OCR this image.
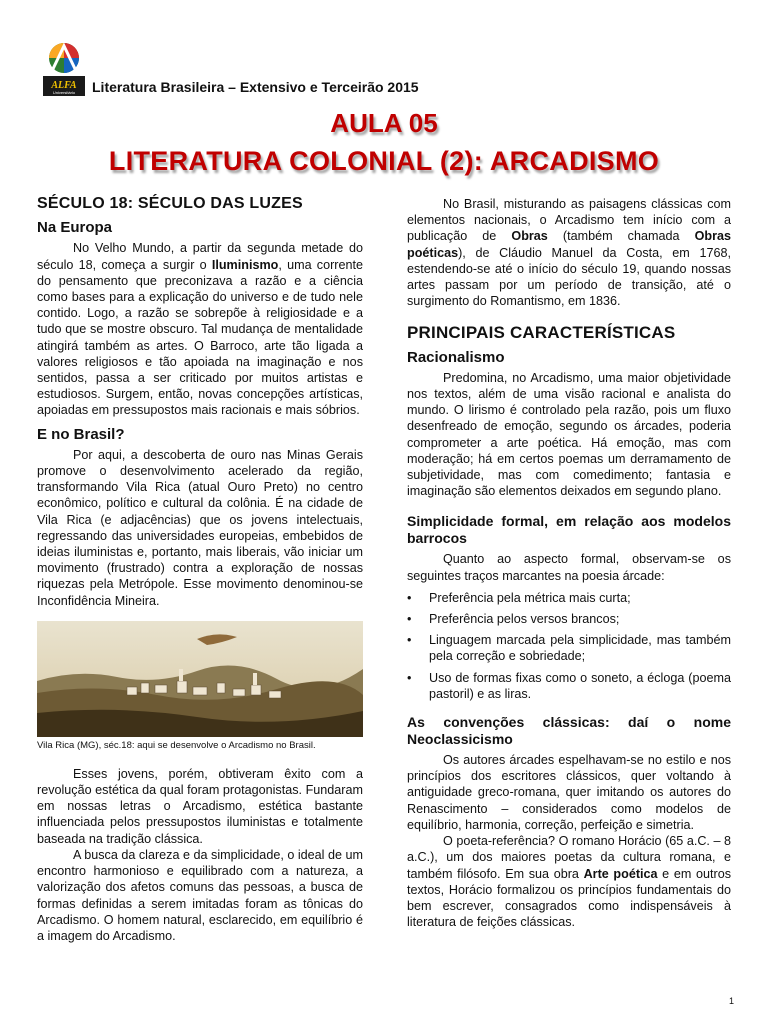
ALFA
Universitário Literatura Brasileira – Extensivo e Terceirão 2015
AULA 05
LITERATURA COLONIAL (2): ARCADISMO
SÉCULO 18: SÉCULO DAS LUZES
Na Europa

No Velho Mundo, a partir da segunda metade do século 18, começa a surgir o Iluminismo, uma corrente do pensamento que preconizava a razão e a ciência como bases para a explicação do universo e de tudo nele contido. Logo, a razão se sobrepõe à religiosidade e a tudo que se mostre obscuro. Tal mudança de mentalidade atingirá também as artes. O Barroco, arte tão ligada a valores religiosos e tão apoiada na imaginação e nos sentidos, passa a ser criticado por muitos artistas e estudiosos. Surgem, então, novas concepções artísticas, apoiadas em pressupostos mais racionais e mais sóbrios.

E no Brasil?

Por aqui, a descoberta de ouro nas Minas Gerais promove o desenvolvimento acelerado da região, transformando Vila Rica (atual Ouro Preto) no centro econômico, político e cultural da colônia. É na cidade de Vila Rica (e adjacências) que os jovens intelectuais, regressando das universidades europeias, embebidos de ideias iluministas e, portanto, mais liberais, vão iniciar um movimento (frustrado) contra a exploração de nossas riquezas pela Metrópole. Esse movimento denominou-se Inconfidência Mineira.

Vila Rica (MG), séc.18: aqui se desenvolve o Arcadismo no Brasil.

Esses jovens, porém, obtiveram êxito com a revolução estética da qual foram protagonistas. Fundaram em nossas letras o Arcadismo, estética bastante influenciada pelos pressupostos iluministas e totalmente baseada na tradição clássica.

A busca da clareza e da simplicidade, o ideal de um encontro harmonioso e equilibrado com a natureza, a valorização dos afetos comuns das pessoas, a busca de formas definidas a serem imitadas foram as tônicas do Arcadismo. O homem natural, esclarecido, em equilíbrio é a imagem do Arcadismo.

No Brasil, misturando as paisagens clássicas com elementos nacionais, o Arcadismo tem início com a publicação de Obras (também chamada Obras poéticas), de Cláudio Manuel da Costa, em 1768, estendendo-se até o início do século 19, quando nossas artes passam por um período de transição, até o surgimento do Romantismo, em 1836.

PRINCIPAIS CARACTERÍSTICAS
Racionalismo

Predomina, no Arcadismo, uma maior objetividade nos textos, além de uma visão racional e analista do mundo. O lirismo é controlado pela razão, pois um fluxo desenfreado de emoção, segundo os árcades, poderia comprometer a arte poética. Há emoção, mas com moderação; há em certos poemas um derramamento de subjetividade, mas com comedimento; fantasia e imaginação são elementos deixados em segundo plano.

Simplicidade formal, em relação aos modelos barrocos

Quanto ao aspecto formal, observam-se os seguintes traços marcantes na poesia árcade:

• Preferência pela métrica mais curta;
• Preferência pelos versos brancos;
• Linguagem marcada pela simplicidade, mas também pela correção e sobriedade;
• Uso de formas fixas como o soneto, a écloga (poema pastoril) e as liras.
As convenções clássicas: daí o nome Neoclassicismo

Os autores árcades espelhavam-se no estilo e nos princípios dos escritores clássicos, quer voltando à antiguidade greco-romana, quer imitando os autores do Renascimento – considerados como modelos de equilíbrio, harmonia, correção, perfeição e simetria.

O poeta-referência? O romano Horácio (65 a.C. – 8 a.C.), um dos maiores poetas da cultura romana, e também filósofo. Em sua obra Arte poética e em outros textos, Horácio formalizou os princípios fundamentais do bem escrever, consagrados como indispensáveis à literatura de feições clássicas.

1
